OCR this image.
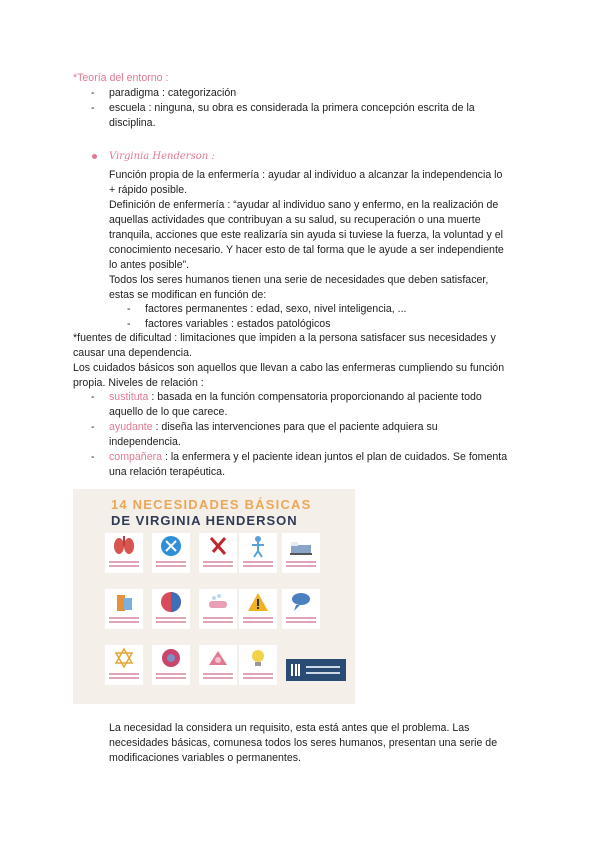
*Teoría del entorno :
- paradigma : categorización
- escuela : ninguna, su obra es considerada la primera concepción escrita de la
disciplina.
Virginia Henderson :
Función propia de la enfermería : ayudar al individuo a alcanzar la independencia lo
+ rápido posible.
Definición de enfermería : “ayudar al individuo sano y enfermo, en la realización de
aquellas actividades que contribuyan a su salud, su recuperación o una muerte
tranquila, acciones que este realizaría sin ayuda si tuviese la fuerza, la voluntad y el
conocimiento necesario. Y hacer esto de tal forma que le ayude a ser independiente
lo antes posible”.
Todos los seres humanos tienen una serie de necesidades que deben satisfacer,
estas se modifican en función de:
- factores permanentes : edad, sexo, nivel inteligencia, ...
- factores variables : estados patológicos
*fuentes de dificultad : limitaciones que impiden a la persona satisfacer sus necesidades y
causar una dependencia.
Los cuidados básicos son aquellos que llevan a cabo las enfermeras cumpliendo su función
propia. Niveles de relación :
- sustituta : basada en la función compensatoria proporcionando al paciente todo
aquello de lo que carece.
- ayudante : diseña las intervenciones para que el paciente adquiera su
independencia.
- compañera : la enfermera y el paciente idean juntos el plan de cuidados. Se fomenta
una relación terapéutica.
14 NECESIDADES BÁSICAS
DE VIRGINIA HENDERSON
La necesidad la considera un requisito, esta está antes que el problema. Las
necesidades básicas, comunesa todos los seres humanos, presentan una serie de
modificaciones variables o permanentes.
